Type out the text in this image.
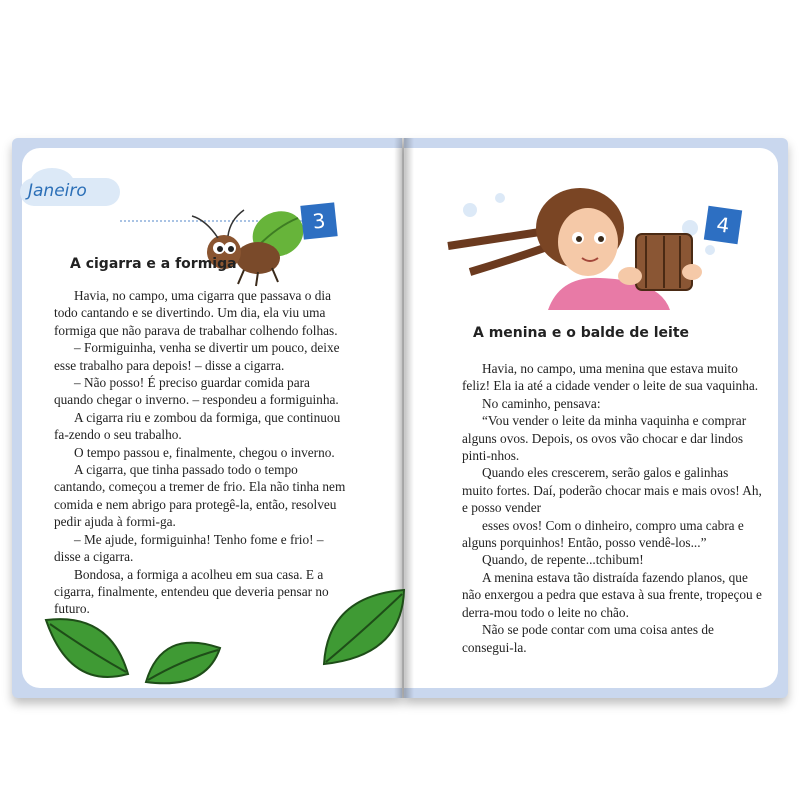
Janeiro
3
A cigarra e a formiga

Havia, no campo, uma cigarra que passava o dia todo cantando e se divertindo. Um dia, ela viu uma formiga que não parava de trabalhar colhendo folhas.

– Formiguinha, venha se divertir um pouco, deixe esse trabalho para depois! – disse a cigarra.

– Não posso! É preciso guardar comida para quando chegar o inverno. – respondeu a formiguinha.

A cigarra riu e zombou da formiga, que continuou fa-zendo o seu trabalho.

O tempo passou e, finalmente, chegou o inverno.

A cigarra, que tinha passado todo o tempo cantando, começou a tremer de frio. Ela não tinha nem comida e nem abrigo para protegê-la, então, resolveu pedir ajuda à formi-ga.

– Me ajude, formiguinha! Tenho fome e frio! – disse a cigarra.

Bondosa, a formiga a acolheu em sua casa. E a cigarra, finalmente, entendeu que deveria pensar no futuro.

4
A menina e o balde de leite

Havia, no campo, uma menina que estava muito feliz! Ela ia até a cidade vender o leite de sua vaquinha.

No caminho, pensava:

“Vou vender o leite da minha vaquinha e comprar alguns ovos. Depois, os ovos vão chocar e dar lindos pinti-nhos.

Quando eles crescerem, serão galos e galinhas muito fortes. Daí, poderão chocar mais e mais ovos! Ah, e posso vender

esses ovos! Com o dinheiro, compro uma cabra e alguns porquinhos! Então, posso vendê-los...”

Quando, de repente...tchibum!

A menina estava tão distraída fazendo planos, que não enxergou a pedra que estava à sua frente, tropeçou e derra-mou todo o leite no chão.

Não se pode contar com uma coisa antes de consegui-la.
